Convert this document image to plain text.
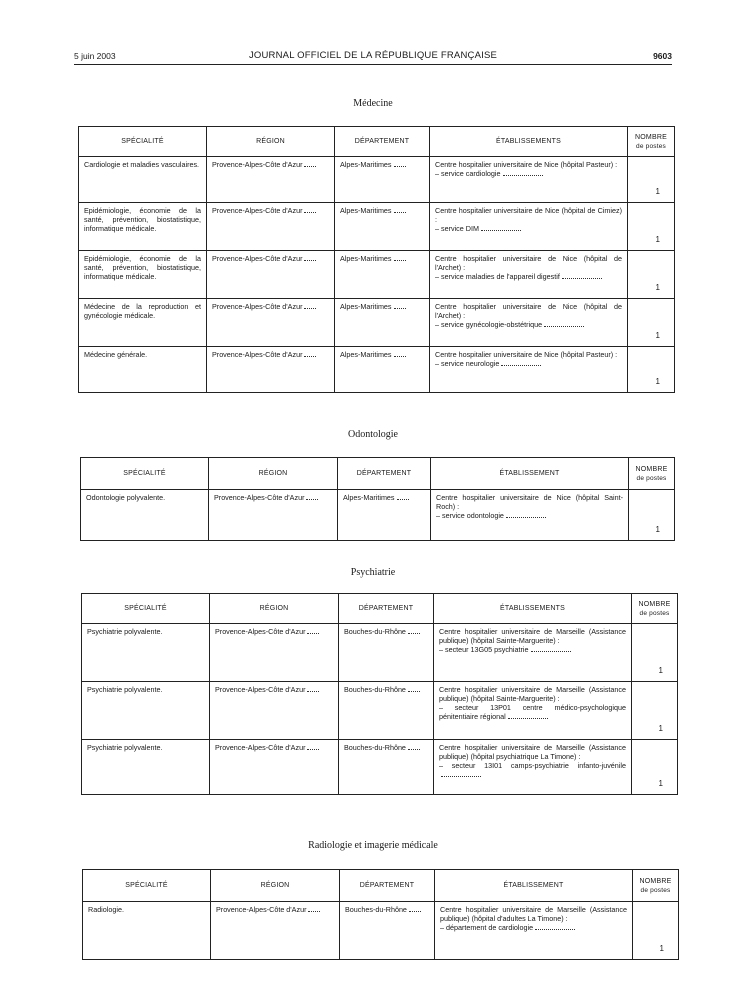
5 juin 2003	JOURNAL OFFICIEL DE LA RÉPUBLIQUE FRANÇAISE	9603
Médecine
SPÉCIALITÉ	RÉGION	DÉPARTEMENT	ÉTABLISSEMENTS	NOMBRE
de postes

Cardiologie et maladies vasculaires.	Provence-Alpes-Côte d'Azur	Alpes-Maritimes	Centre hospitalier universitaire de Nice (hôpital Pasteur) :
– service cardiologie	1
Epidémiologie, économie de la santé, prévention, biostatistique, informatique médicale.	Provence-Alpes-Côte d'Azur	Alpes-Maritimes	Centre hospitalier universitaire de Nice (hôpital de Cimiez) :
– service DIM	1
Epidémiologie, économie de la santé, prévention, biostatistique, informatique médicale.	Provence-Alpes-Côte d'Azur	Alpes-Maritimes	Centre hospitalier universitaire de Nice (hôpital de l'Archet) :
– service maladies de l'appareil digestif	1
Médecine de la reproduction et gynécologie médicale.	Provence-Alpes-Côte d'Azur	Alpes-Maritimes	Centre hospitalier universitaire de Nice (hôpital de l'Archet) :
– service gynécologie-obstétrique	1
Médecine générale.	Provence-Alpes-Côte d'Azur	Alpes-Maritimes	Centre hospitalier universitaire de Nice (hôpital Pasteur) :
– service neurologie	1
Odontologie
SPÉCIALITÉ	RÉGION	DÉPARTEMENT	ÉTABLISSEMENT	NOMBRE
de postes

Odontologie polyvalente.	Provence-Alpes-Côte d'Azur	Alpes-Maritimes	Centre hospitalier universitaire de Nice (hôpital Saint-Roch) :
– service odontologie	1
Psychiatrie
SPÉCIALITÉ	RÉGION	DÉPARTEMENT	ÉTABLISSEMENTS	NOMBRE
de postes

Psychiatrie polyvalente.	Provence-Alpes-Côte d'Azur	Bouches-du-Rhône	Centre hospitalier universitaire de Marseille (Assistance publique) (hôpital Sainte-Marguerite) :
– secteur 13G05 psychiatrie	1
Psychiatrie polyvalente.	Provence-Alpes-Côte d'Azur	Bouches-du-Rhône	Centre hospitalier universitaire de Marseille (Assistance publique) (hôpital Sainte-Marguerite) :
– secteur 13P01 centre médico-psychologique pénitentiaire régional	1
Psychiatrie polyvalente.	Provence-Alpes-Côte d'Azur	Bouches-du-Rhône	Centre hospitalier universitaire de Marseille (Assistance publique) (hôpital psychiatrique La Timone) :
– secteur 13I01 camps-psychiatrie infanto-juvénile	1
Radiologie et imagerie médicale
SPÉCIALITÉ	RÉGION	DÉPARTEMENT	ÉTABLISSEMENT	NOMBRE
de postes

Radiologie.	Provence-Alpes-Côte d'Azur	Bouches-du-Rhône	Centre hospitalier universitaire de Marseille (Assistance publique) (hôpital d'adultes La Timone) :
– département de cardiologie	1
